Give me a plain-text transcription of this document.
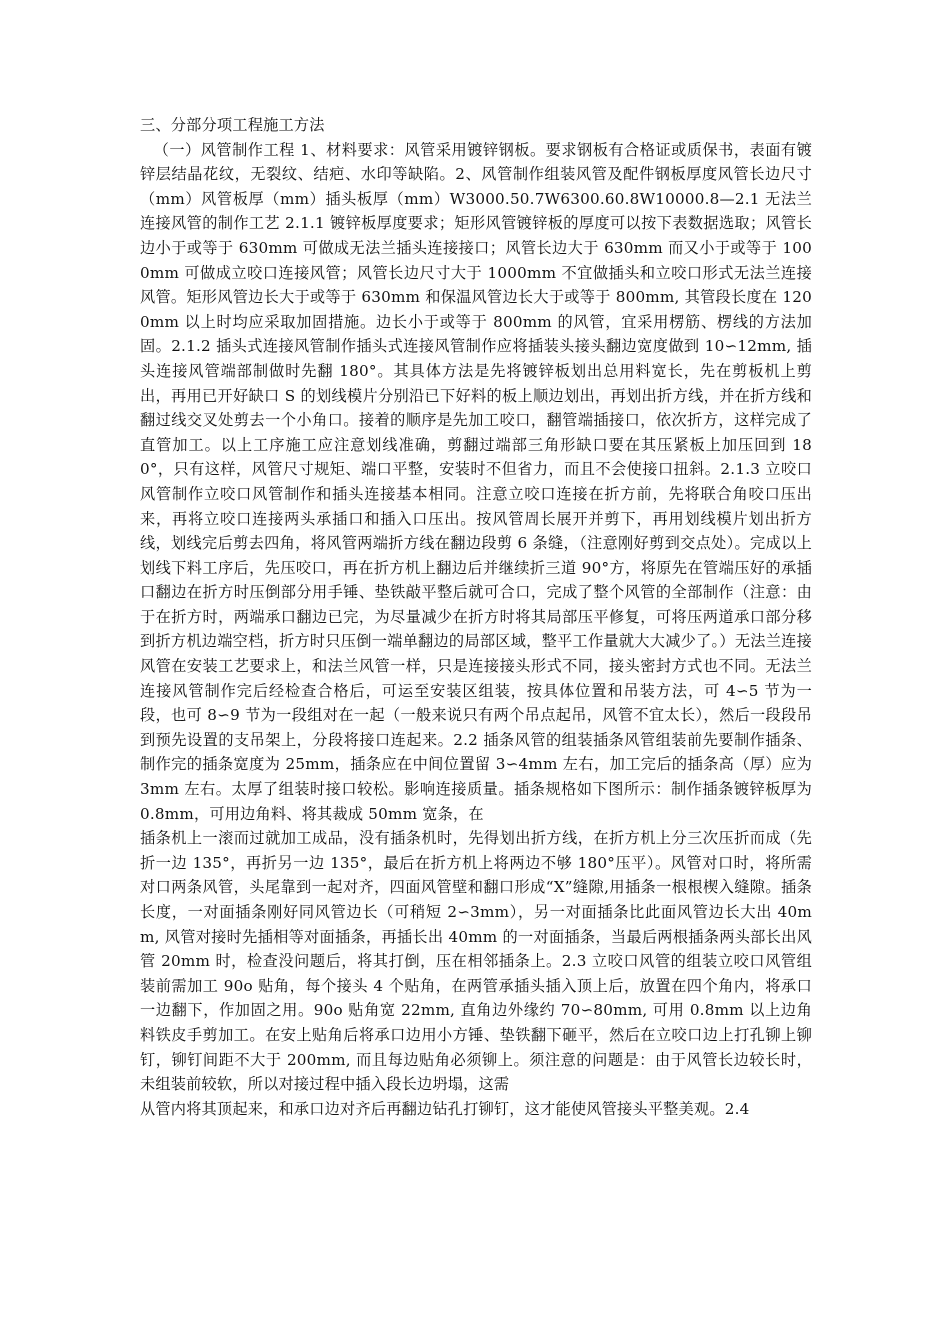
三、分部分项工程施工方法

（一）风管制作工程 1、材料要求：风管采用镀锌钢板。要求钢板有合格证或质保书，表面有镀锌层结晶花纹，无裂纹、结疤、水印等缺陷。2、风管制作组装风管及配件钢板厚度风管长边尺寸（mm）风管板厚（mm）插头板厚（mm）W3000.50.7W6300.60.8W10000.8—2.1 无法兰连接风管的制作工艺 2.1.1 镀锌板厚度要求；矩形风管镀锌板的厚度可以按下表数据选取；风管长边小于或等于 630mm 可做成无法兰插头连接接口；风管长边大于 630mm 而又小于或等于 1000mm 可做成立咬口连接风管；风管长边尺寸大于 1000mm 不宜做插头和立咬口形式无法兰连接风管。矩形风管边长大于或等于 630mm 和保温风管边长大于或等于 800mm, 其管段长度在 1200mm 以上时均应采取加固措施。边长小于或等于 800mm 的风管，宜采用楞筋、楞线的方法加固。2.1.2 插头式连接风管制作插头式连接风管制作应将插装头接头翻边宽度做到 10∽12mm, 插头连接风管端部制做时先翻 180°。其具体方法是先将镀锌板划出总用料宽长，先在剪板机上剪出，再用已开好缺口 S 的划线模片分别沿已下好料的板上顺边划出，再划出折方线，并在折方线和翻过线交叉处剪去一个小角口。接着的顺序是先加工咬口，翻管端插接口，依次折方，这样完成了直管加工。以上工序施工应注意划线准确，剪翻过端部三角形缺口要在其压紧板上加压回到 180°，只有这样，风管尺寸规矩、端口平整，安装时不但省力，而且不会使接口扭斜。2.1.3 立咬口风管制作立咬口风管制作和插头连接基本相同。注意立咬口连接在折方前，先将联合角咬口压出来，再将立咬口连接两头承插口和插入口压出。按风管周长展开并剪下，再用划线模片划出折方线，划线完后剪去四角，将风管两端折方线在翻边段剪 6 条缝，（注意刚好剪到交点处）。完成以上划线下料工序后，先压咬口，再在折方机上翻边后并继续折三道 90°方，将原先在管端压好的承插口翻边在折方时压倒部分用手锤、垫铁敲平整后就可合口，完成了整个风管的全部制作（注意：由于在折方时，两端承口翻边已完，为尽量减少在折方时将其局部压平修复，可将压两道承口部分移到折方机边端空档，折方时只压倒一端单翻边的局部区域，整平工作量就大大减少了。）无法兰连接风管在安装工艺要求上，和法兰风管一样，只是连接接头形式不同，接头密封方式也不同。无法兰连接风管制作完后经检查合格后，可运至安装区组装，按具体位置和吊装方法，可 4∽5 节为一段，也可 8∽9 节为一段组对在一起（一般来说只有两个吊点起吊，风管不宜太长），然后一段段吊到预先设置的支吊架上，分段将接口连起来。2.2 插条风管的组装插条风管组装前先要制作插条、制作完的插条宽度为 25mm，插条应在中间位置留 3∽4mm 左右，加工完后的插条高（厚）应为 3mm 左右。太厚了组装时接口较松。影响连接质量。插条规格如下图所示：制作插条镀锌板厚为 0.8mm，可用边角料、将其裁成 50mm 宽条，在

插条机上一滚而过就加工成品，没有插条机时，先得划出折方线，在折方机上分三次压折而成（先折一边 135°，再折另一边 135°，最后在折方机上将两边不够 180°压平）。风管对口时，将所需对口两条风管，头尾靠到一起对齐，四面风管壁和翻口形成“X”缝隙,用插条一根根楔入缝隙。插条长度，一对面插条刚好同风管边长（可稍短 2∽3mm），另一对面插条比此面风管边长大出 40mm, 风管对接时先插相等对面插条，再插长出 40mm 的一对面插条，当最后两根插条两头部长出风管 20mm 时，检查没问题后，将其打倒，压在相邻插条上。2.3 立咬口风管的组装立咬口风管组装前需加工 90o 贴角，每个接头 4 个贴角，在两管承插头插入顶上后，放置在四个角内，将承口一边翻下，作加固之用。90o 贴角宽 22mm, 直角边外缘约 70∽80mm, 可用 0.8mm 以上边角料铁皮手剪加工。在安上贴角后将承口边用小方锤、垫铁翻下砸平，然后在立咬口边上打孔铆上铆钉，铆钉间距不大于 200mm, 而且每边贴角必须铆上。须注意的问题是：由于风管长边较长时，未组装前较软，所以对接过程中插入段长边坍塌，这需

从管内将其顶起来，和承口边对齐后再翻边钻孔打铆钉，这才能使风管接头平整美观。2.4
